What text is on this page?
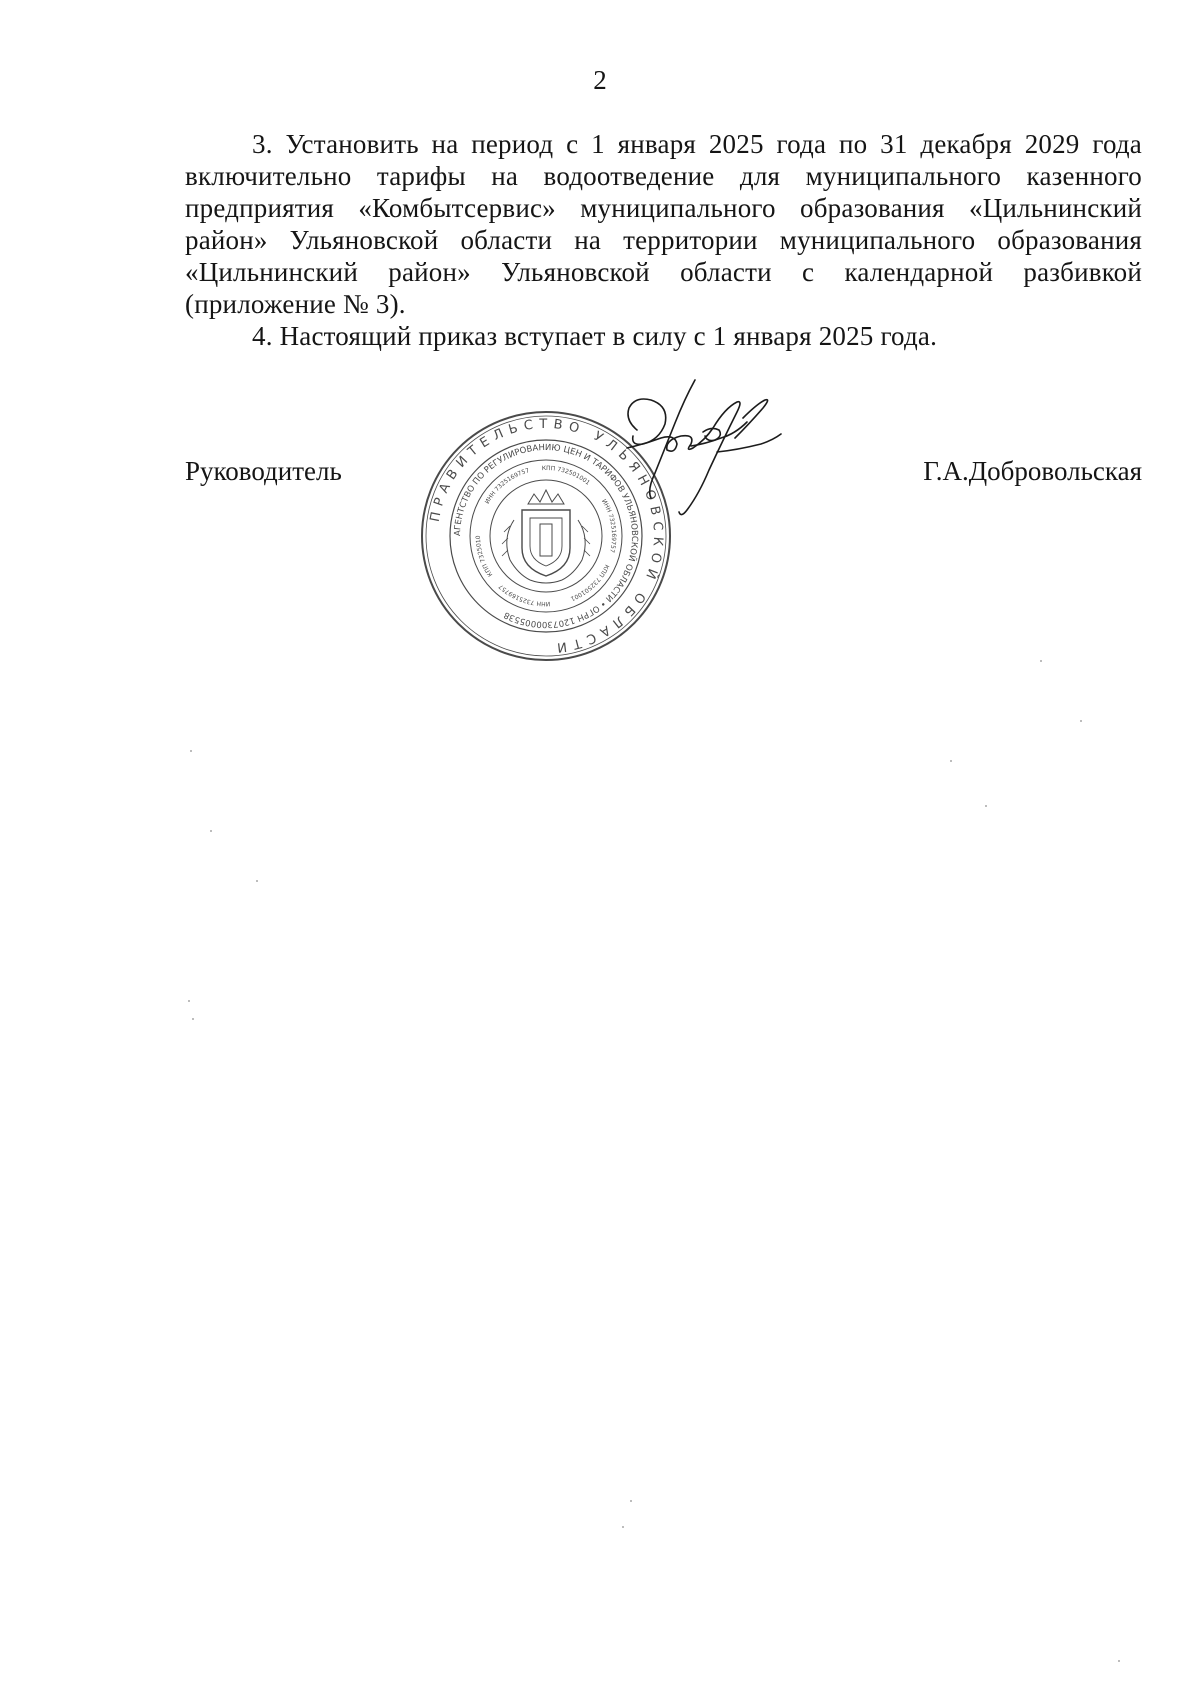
2

3. Установить на период с 1 января 2025 года по 31 декабря 2029 года включительно тарифы на водоотведение для муниципального казенного предприятия «Комбытсервис» муниципального образования «Цильнинский район» Ульяновской области на территории муниципального образования «Цильнинский район» Ульяновской области с календарной разбивкой (приложение № 3).

4. Настоящий приказ вступает в силу с 1 января 2025 года.

Руководитель	Г.А.Добровольская
ПРАВИТЕЛЬСТВО УЛЬЯНОВСКОЙ ОБЛАСТИ
АГЕНТСТВО ПО РЕГУЛИРОВАНИЮ ЦЕН И ТАРИФОВ УЛЬЯНОВСКОЙ ОБЛАСТИ • ОГРН 1207300005538
ИНН 7325169757 КПП 732501001
ИНН 7325169757
КПП 732501001
ИНН 7325169757
КПП 7325010
